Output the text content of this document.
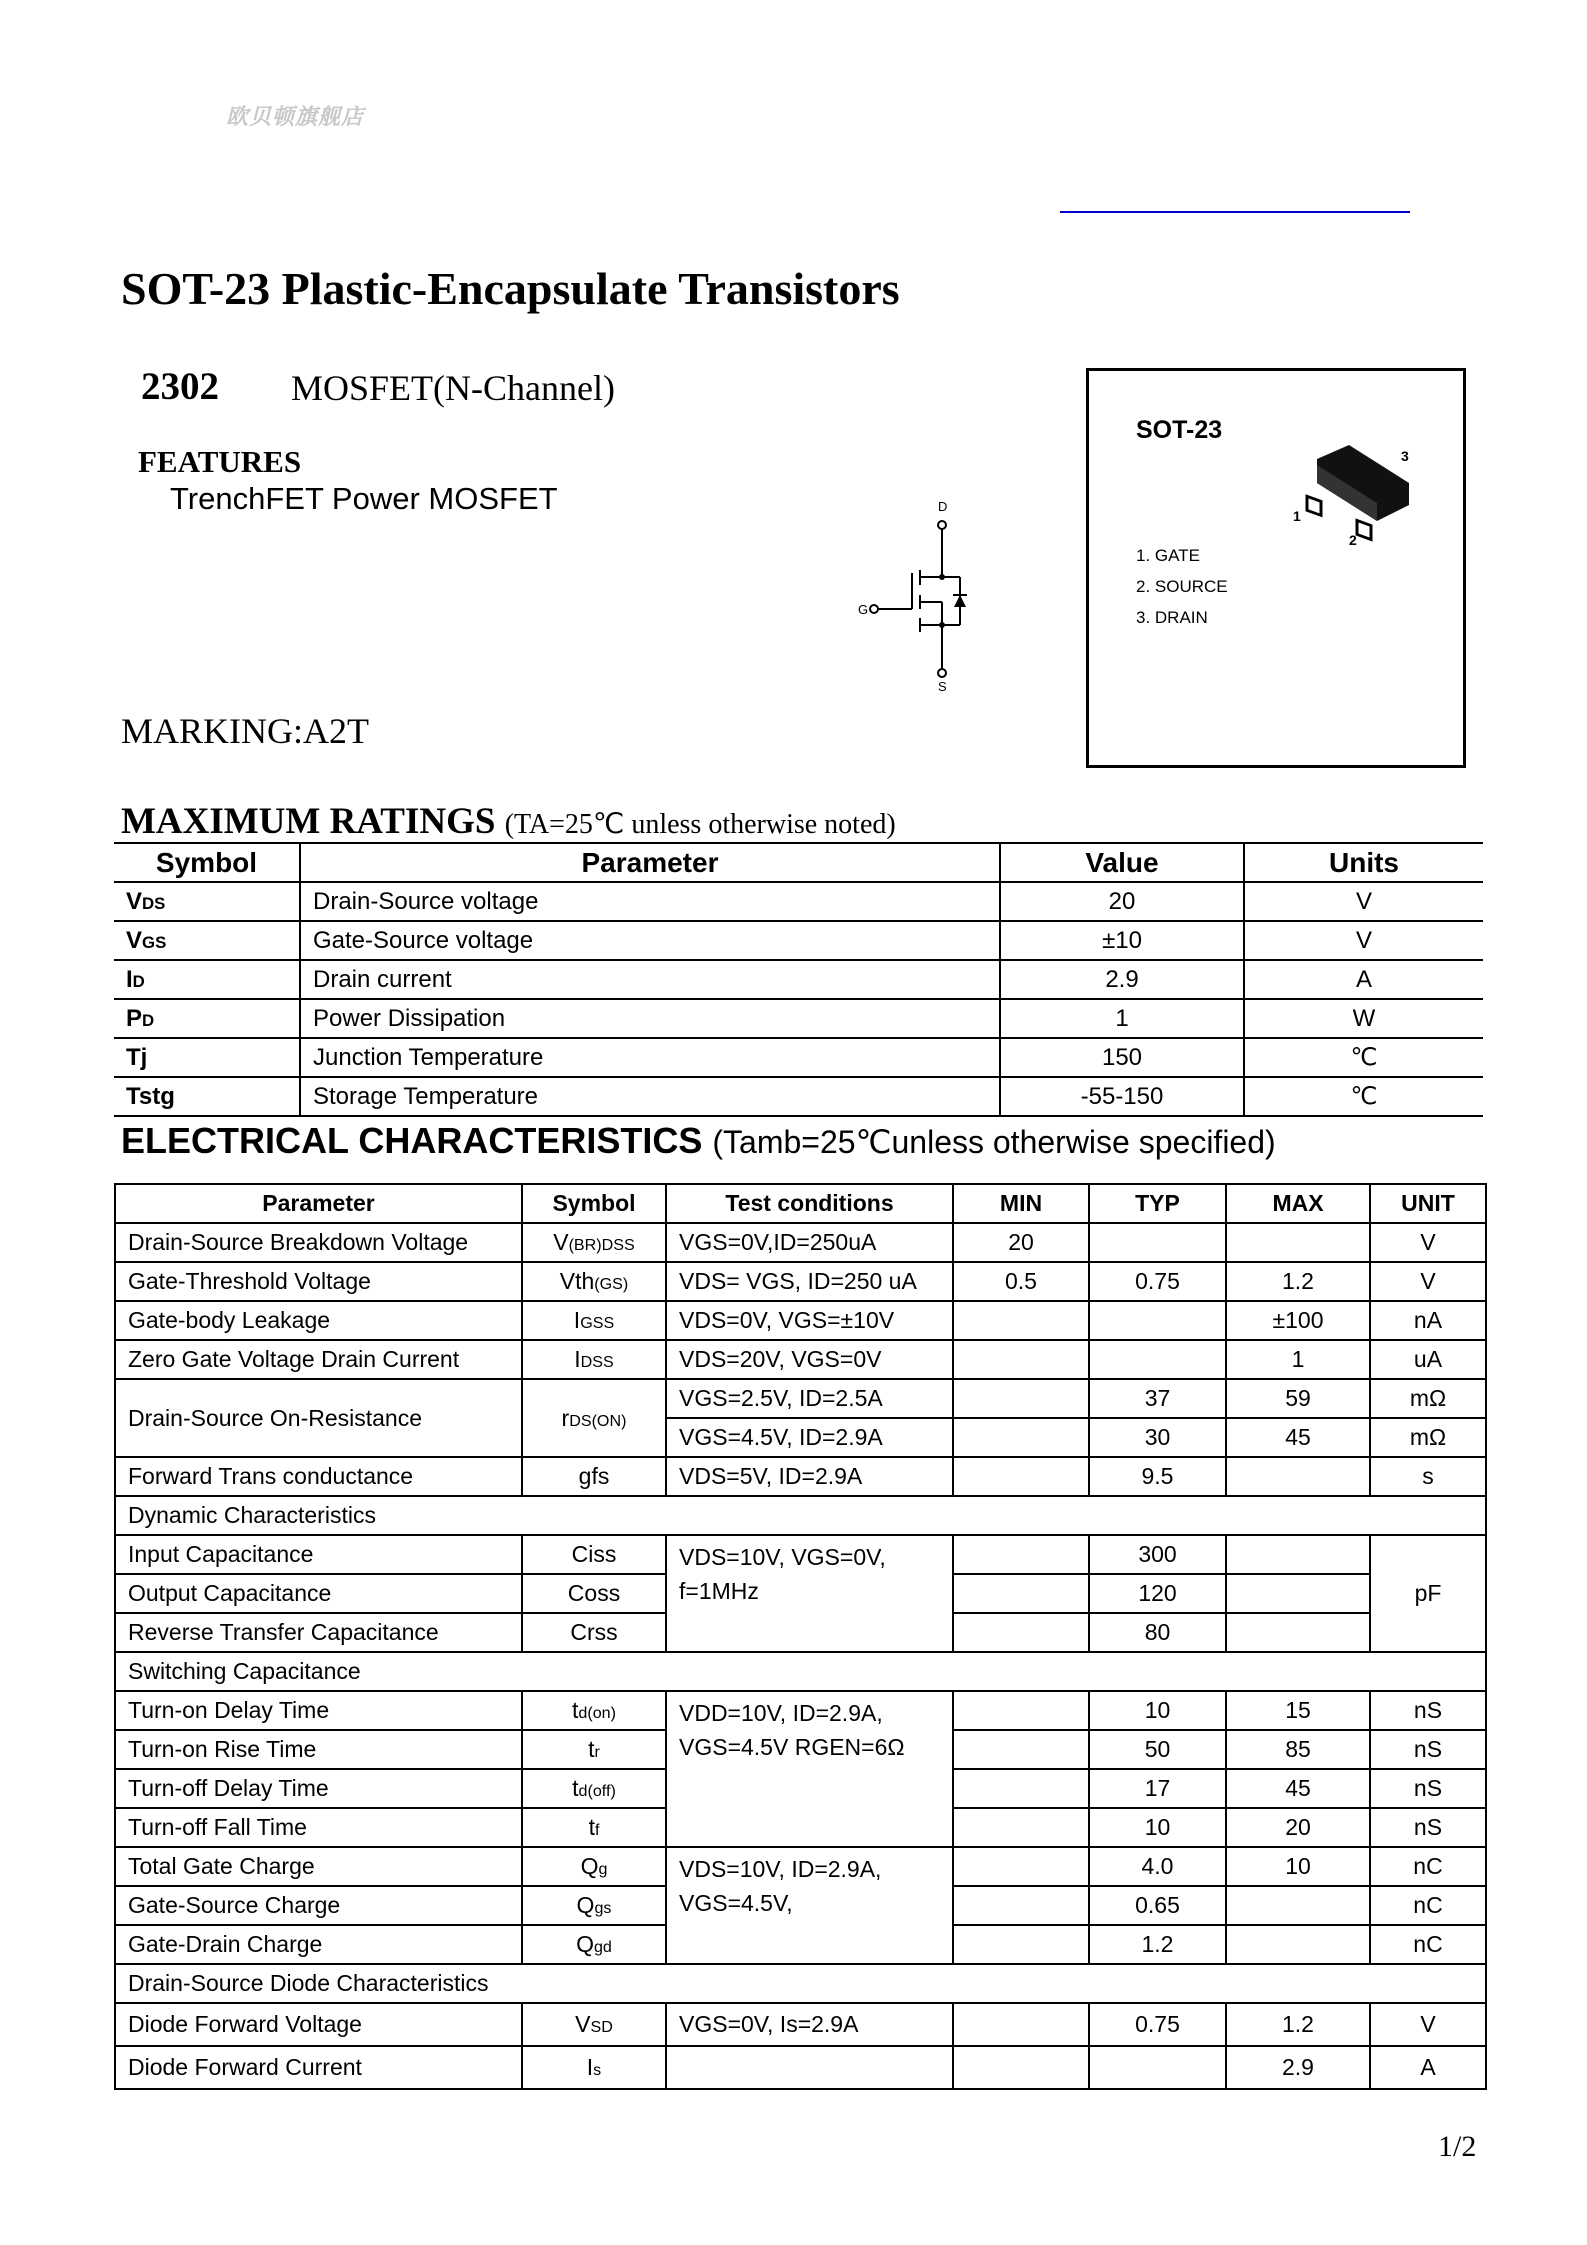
欧贝顿旗舰店
SOT-23 Plastic-Encapsulate Transistors
2302 MOSFET(N-Channel)
FEATURES
TrenchFET Power MOSFET	D
G
S
SOT-23
3
1
2
1. GATE
2. SOURCE
3. DRAIN
MARKING:A2T
MAXIMUM RATINGS (TA=25℃ unless otherwise noted)
Symbol	Parameter	Value	Units
VDS	Drain-Source voltage	20	V
VGS	Gate-Source voltage	±10	V
ID	Drain current	2.9	A
PD	Power Dissipation	1	W
Tj	Junction Temperature	150	℃
Tstg	Storage Temperature	-55-150	℃
ELECTRICAL CHARACTERISTICS (Tamb=25℃unless otherwise specified)
Parameter	Symbol	Test conditions	MIN	TYP	MAX	UNIT
Drain-Source Breakdown Voltage	V(BR)DSS	VGS=0V,ID=250uA	20			V
Gate-Threshold Voltage	Vth(GS)	VDS= VGS, ID=250 uA	0.5	0.75	1.2	V
Gate-body Leakage	IGSS	VDS=0V, VGS=±10V			±100	nA
Zero Gate Voltage Drain Current	IDSS	VDS=20V, VGS=0V			1	uA
Drain-Source On-Resistance	rDS(ON)	VGS=2.5V, ID=2.5A		37	59	mΩ
		VGS=4.5V, ID=2.9A		30	45	mΩ
Forward Trans conductance	gfs	VDS=5V, ID=2.9A		9.5		s
Dynamic Characteristics						
Input Capacitance	Ciss	VDS=10V, VGS=0V, f=1MHz		300		pF
Output Capacitance	Coss			120		
Reverse Transfer Capacitance	Crss			80		
Switching Capacitance						
Turn-on Delay Time	td(on)	VDD=10V, ID=2.9A, VGS=4.5V RGEN=6Ω		10	15	nS
Turn-on Rise Time	tr			50	85	nS
Turn-off Delay Time	td(off)			17	45	nS
Turn-off Fall Time	tf			10	20	nS
Total Gate Charge	Qg	VDS=10V, ID=2.9A, VGS=4.5V,		4.0	10	nC
Gate-Source Charge	Qgs			0.65		nC
Gate-Drain Charge	Qgd			1.2		nC
Drain-Source Diode Characteristics						
Diode Forward Voltage	VSD	VGS=0V, Is=2.9A		0.75	1.2	V
Diode Forward Current	Is				2.9	A
1/2
